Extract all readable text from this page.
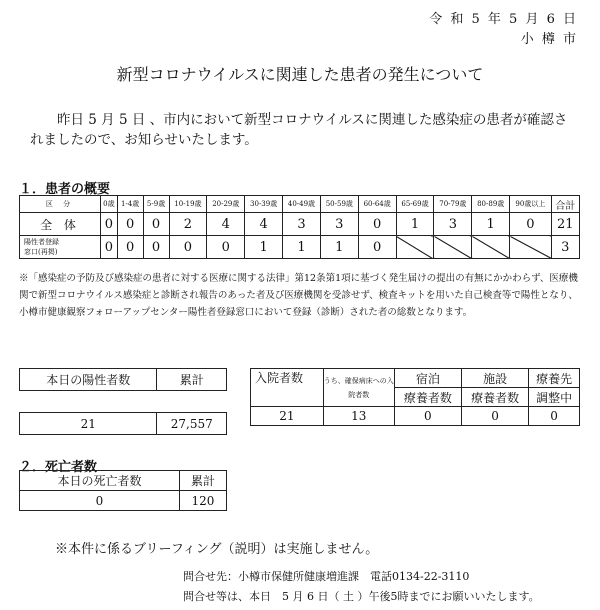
令 和 5 年 5 月 6 日
小 樽 市
新型コロナウイルスに関連した患者の発生について
昨日 5 月 5 日 、市内において新型コロナウイルスに関連した感染症の患者が確認されましたので、お知らせいたします。
１．患者の概要
区 分	0歳	1-4歳	5-9歳	10-19歳	20-29歳	30-39歳	40-49歳	50-59歳	60-64歳	65-69歳	70-79歳	80-89歳	90歳以上	合計
全 体	0	0	0	2	4	4	3	3	0	1	3	1	0	21

陽性者登録
窓口(再掲)	0	0	0	0	0	1	1	1	0					3
※「感染症の予防及び感染症の患者に対する医療に関する法律」第12条第1項に基づく発生届けの提出の有無にかかわらず、医療機関で新型コロナウイルス感染症と診断され報告のあった者及び医療機関を受診せず、検査キットを用いた自己検査等で陽性となり、小樽市健康観察フォローアップセンター陽性者登録窓口において登録（診断）された者の総数となります。
本日の陽性者数	累計

21	27,557
入院者数	うち、確保病床への入院者数	宿泊	施設	療養先
		療養者数	療養者数	調整中
21	13	0	0	0
２．死亡者数
本日の死亡者数	累計
0	120
※本件に係るブリーフィング（説明）は実施しません。
問合せ先：小樽市保健所健康増進課　電話0134-22-3110
問合せ等は、本日　5 月 6 日（ 土 ）午後5時までにお願いいたします。
